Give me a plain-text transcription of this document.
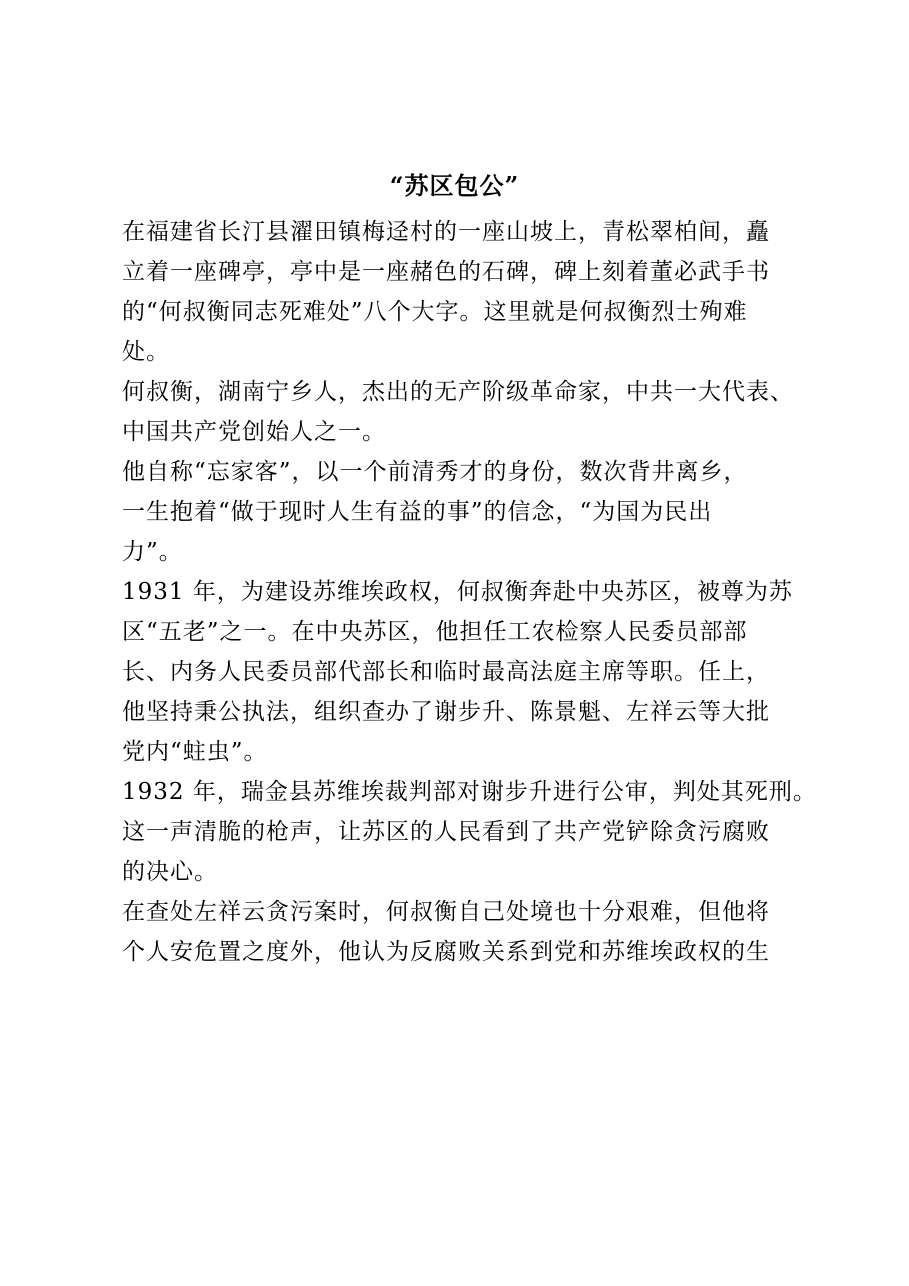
“苏区包公”
在福建省长汀县濯田镇梅迳村的一座山坡上，青松翠柏间，矗
立着一座碑亭，亭中是一座赭色的石碑，碑上刻着董必武手书
的“何叔衡同志死难处”八个大字。这里就是何叔衡烈士殉难
处。
何叔衡，湖南宁乡人，杰出的无产阶级革命家，中共一大代表、
中国共产党创始人之一。
他自称“忘家客”，以一个前清秀才的身份，数次背井离乡，
一生抱着“做于现时人生有益的事”的信念，“为国为民出
力”。
1931 年，为建设苏维埃政权，何叔衡奔赴中央苏区，被尊为苏
区“五老”之一。在中央苏区，他担任工农检察人民委员部部
长、内务人民委员部代部长和临时最高法庭主席等职。任上，
他坚持秉公执法，组织查办了谢步升、陈景魁、左祥云等大批
党内“蛀虫”。
1932 年，瑞金县苏维埃裁判部对谢步升进行公审，判处其死刑。
这一声清脆的枪声，让苏区的人民看到了共产党铲除贪污腐败
的决心。
在查处左祥云贪污案时，何叔衡自己处境也十分艰难，但他将
个人安危置之度外，他认为反腐败关系到党和苏维埃政权的生
